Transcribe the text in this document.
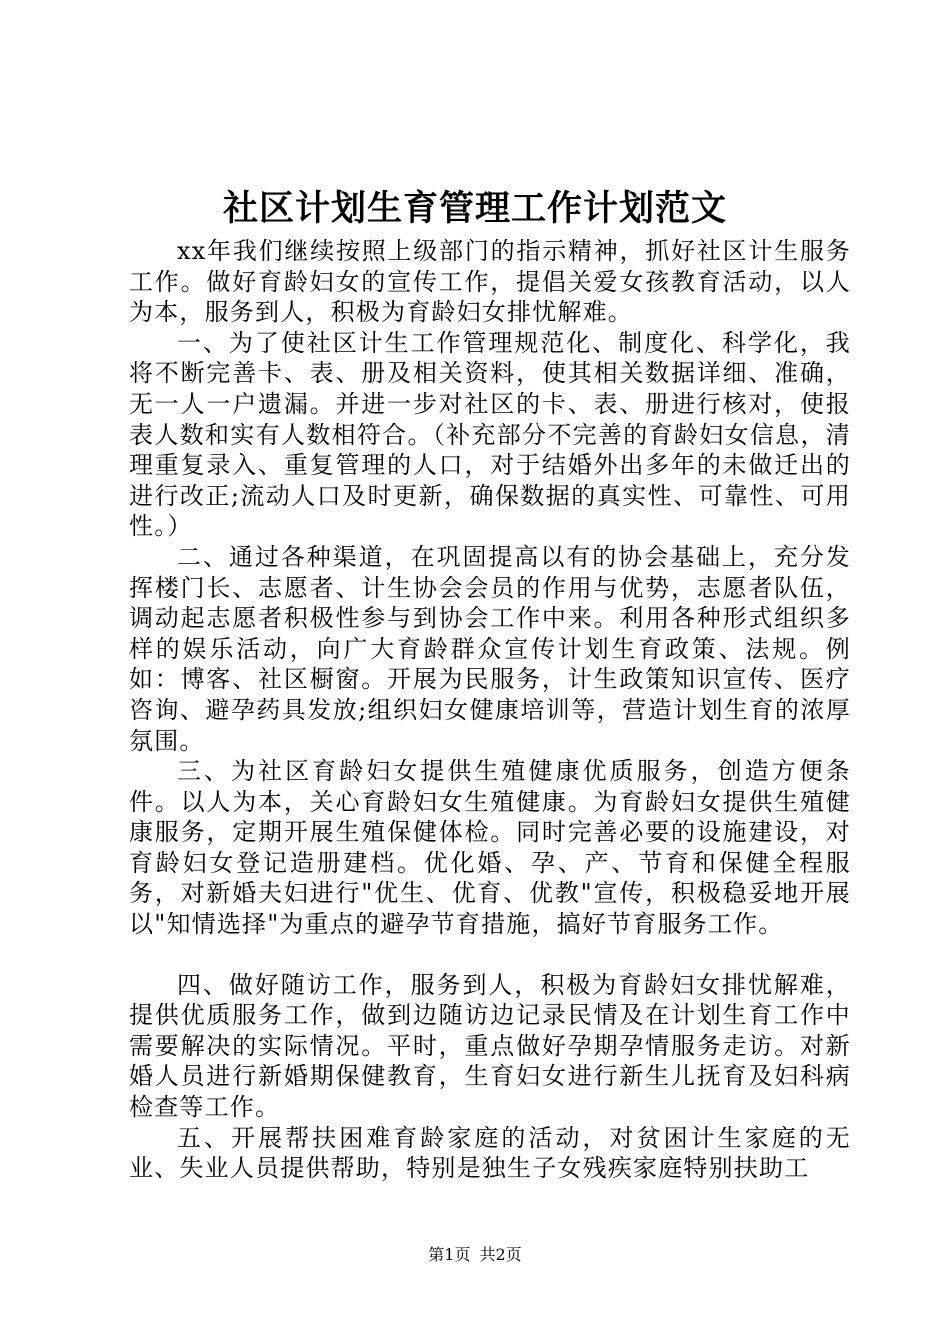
社区计划生育管理工作计划范文

xx年我们继续按照上级部门的指示精神，抓好社区计生服务工作。做好育龄妇女的宣传工作，提倡关爱女孩教育活动，以人为本，服务到人，积极为育龄妇女排忧解难。

一、为了使社区计生工作管理规范化、制度化、科学化，我将不断完善卡、表、册及相关资料，使其相关数据详细、准确，无一人一户遗漏。并进一步对社区的卡、表、册进行核对，使报表人数和实有人数相符合。（补充部分不完善的育龄妇女信息，清理重复录入、重复管理的人口，对于结婚外出多年的未做迁出的进行改正;流动人口及时更新，确保数据的真实性、可靠性、可用性。）

二、通过各种渠道，在巩固提高以有的协会基础上，充分发挥楼门长、志愿者、计生协会会员的作用与优势，志愿者队伍，调动起志愿者积极性参与到协会工作中来。利用各种形式组织多样的娱乐活动，向广大育龄群众宣传计划生育政策、法规。例如：博客、社区橱窗。开展为民服务，计生政策知识宣传、医疗咨询、避孕药具发放;组织妇女健康培训等，营造计划生育的浓厚氛围。

三、为社区育龄妇女提供生殖健康优质服务，创造方便条件。以人为本，关心育龄妇女生殖健康。为育龄妇女提供生殖健康服务，定期开展生殖保健体检。同时完善必要的设施建设，对育龄妇女登记造册建档。优化婚、孕、产、节育和保健全程服务，对新婚夫妇进行"优生、优育、优教"宣传，积极稳妥地开展以"知情选择"为重点的避孕节育措施，搞好节育服务工作。

四、做好随访工作，服务到人，积极为育龄妇女排忧解难，提供优质服务工作，做到边随访边记录民情及在计划生育工作中需要解决的实际情况。平时，重点做好孕期孕情服务走访。对新婚人员进行新婚期保健教育，生育妇女进行新生儿抚育及妇科病检查等工作。

五、开展帮扶困难育龄家庭的活动，对贫困计生家庭的无业、失业人员提供帮助，特别是独生子女残疾家庭特别扶助工

第1页 共2页
